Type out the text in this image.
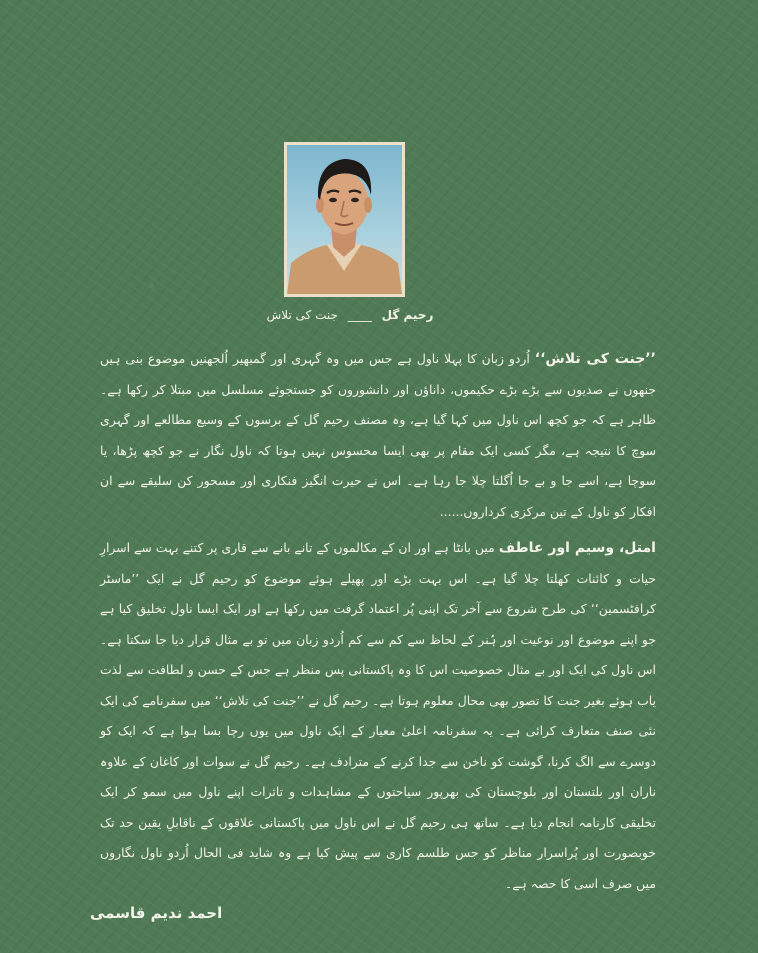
رحیم گل ____ جنت کی تلاش

’’جنت کی تلاش‘‘ اُردو زبان کا پہلا ناول ہے جس میں وہ گہری اور گمبھیر اُلجھنیں موضوع بنی ہیں جنھوں نے صدیوں سے بڑے بڑے حکیموں، داناؤں اور دانشوروں کو جستجوئے مسلسل میں مبتلا کر رکھا ہے۔ ظاہر ہے کہ جو کچھ اس ناول میں کہا گیا ہے، وہ مصنف رحیم گل کے برسوں کے وسیع مطالعے اور گہری سوچ کا نتیجہ ہے، مگر کسی ایک مقام پر بھی ایسا محسوس نہیں ہوتا کہ ناول نگار نے جو کچھ پڑھا، یا سوچا ہے، اسے جا و بے جا اُگلتا چلا جا رہا ہے۔ اس نے حیرت انگیز فنکاری اور مسحور کن سلیقے سے ان افکار کو ناول کے تین مرکزی کرداروں......

امتل، وسیم اور عاطف میں بانٹا ہے اور ان کے مکالموں کے تانے بانے سے قاری پر کتنے بہت سے اسرارِ حیات و کائنات کھلتا چلا گیا ہے۔ اس بہت بڑے اور پھیلے ہوئے موضوع کو رحیم گل نے ایک ’’ماسٹر کرافٹسمین‘‘ کی طرح شروع سے آخر تک اپنی پُر اعتماد گرفت میں رکھا ہے اور ایک ایسا ناول تخلیق کیا ہے جو اپنے موضوع اور نوعیت اور ہُنر کے لحاظ سے کم سے کم اُردو زبان میں تو بے مثال قرار دیا جا سکتا ہے۔ اس ناول کی ایک اور بے مثال خصوصیت اس کا وہ پاکستانی پس منظر ہے جس کے حسن و لطافت سے لذت یاب ہوئے بغیر جنت کا تصور بھی محال معلوم ہوتا ہے۔ رحیم گل نے ’’جنت کی تلاش‘‘ میں سفرنامے کی ایک نئی صنف متعارف کرائی ہے۔ یہ سفرنامہ اعلیٰ معیار کے ایک ناول میں یوں رچا بسا ہوا ہے کہ ایک کو دوسرے سے الگ کرنا، گوشت کو ناخن سے جدا کرنے کے مترادف ہے۔ رحیم گل نے سوات اور کاغان کے علاوہ ناران اور بلتستان اور بلوچستان کی بھرپور سیاحتوں کے مشاہدات و تاثرات اپنے ناول میں سمو کر ایک تخلیقی کارنامہ انجام دیا ہے۔ ساتھ ہی رحیم گل نے اس ناول میں پاکستانی علاقوں کے ناقابلِ یقین حد تک خوبصورت اور پُراسرار مناظر کو جس طلسم کاری سے پیش کیا ہے وہ شاید فی الحال اُردو ناول نگاروں میں صرف اسی کا حصہ ہے۔

احمد ندیم قاسمی
